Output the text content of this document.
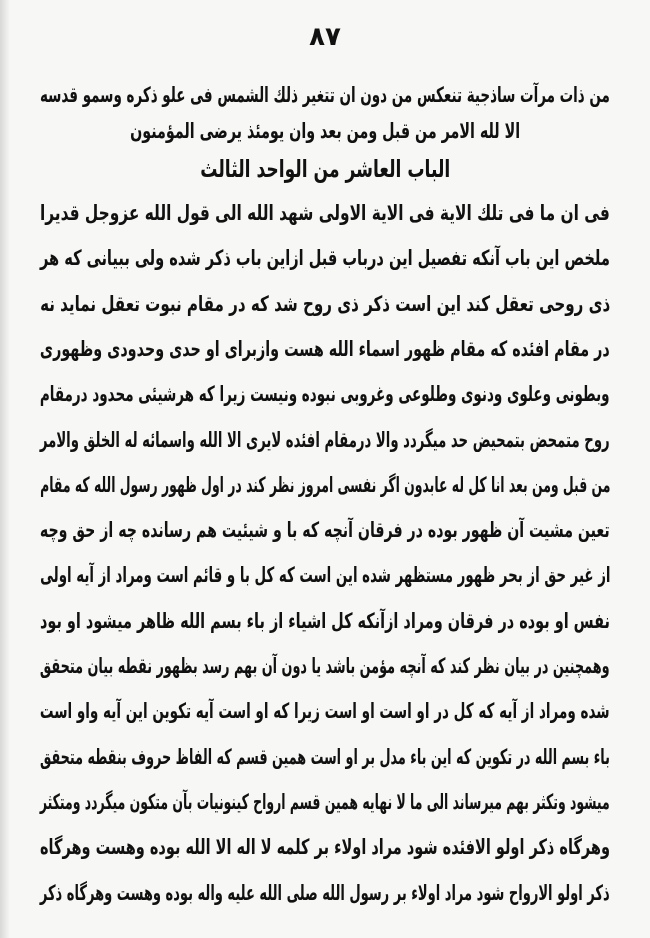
٨٧
من ذات مرآت ساذجية تنعكس من دون ان تتغير ذلك الشمس فى علو ذكره وسمو قدسه
الا لله الامر من قبل ومن بعد وان يومئذ يرضى المؤمنون
الباب العاشر من الواحد الثالث
فى ان ما فى تلك الاية فى الاية الاولى شهد الله الى قول الله عزوجل قديرا
ملخص این باب آنکه تفصیل این درباب قبل ازاین باب ذکر شده ولی ببیانی که هر
ذی روحی تعقل کند این است ذکر ذی روح شد که در مقام نبوت تعقل نماید نه
در مقام افئده که مقام ظهور اسماء الله هست وازبرای او حدی وحدودی وظهوری
وبطونی وعلوی ودنوی وطلوعی وغروبی نبوده ونیست زیرا که هرشیئی محدود درمقام
روح متمحض بتمحیض حد میگردد والا درمقام افئده لایری الا الله واسمائه له الخلق والامر
من قبل ومن بعد انا کل له عابدون اگر نفسی امروز نظر کند در اول ظهور رسول الله که مقام
تعین مشیت آن ظهور بوده در فرقان آنچه که با و شیئیت هم رسانده چه از حق وچه
از غیر حق از بحر ظهور مستظهر شده این است که کل با و قائم است ومراد از آیه اولی
نفس او بوده در فرقان ومراد ازآنکه کل اشیاء از باء بسم الله ظاهر میشود او بود
وهمچنین در بیان نظر کند که آنچه مؤمن باشد یا دون آن بهم رسد بظهور نقطه بیان متحقق
شده ومراد از آیه که کل در او است او است زیرا که او است آیه تکوین این آیه واو است
باء بسم الله در تکوین که این باء مدل بر او است همین قسم که الفاظ حروف بنقطه متحقق
میشود وتکثر بهم میرساند الی ما لا نهایه همین قسم ارواح کینونیات بآن متکون میگردد ومتکثر
وهرگاه ذکر اولو الافئده شود مراد اولاء بر کلمه لا اله الا الله بوده وهست وهرگاه
ذکر اولو الارواح شود مراد اولاء بر رسول الله صلی الله علیه واله بوده وهست وهرگاه ذکر
